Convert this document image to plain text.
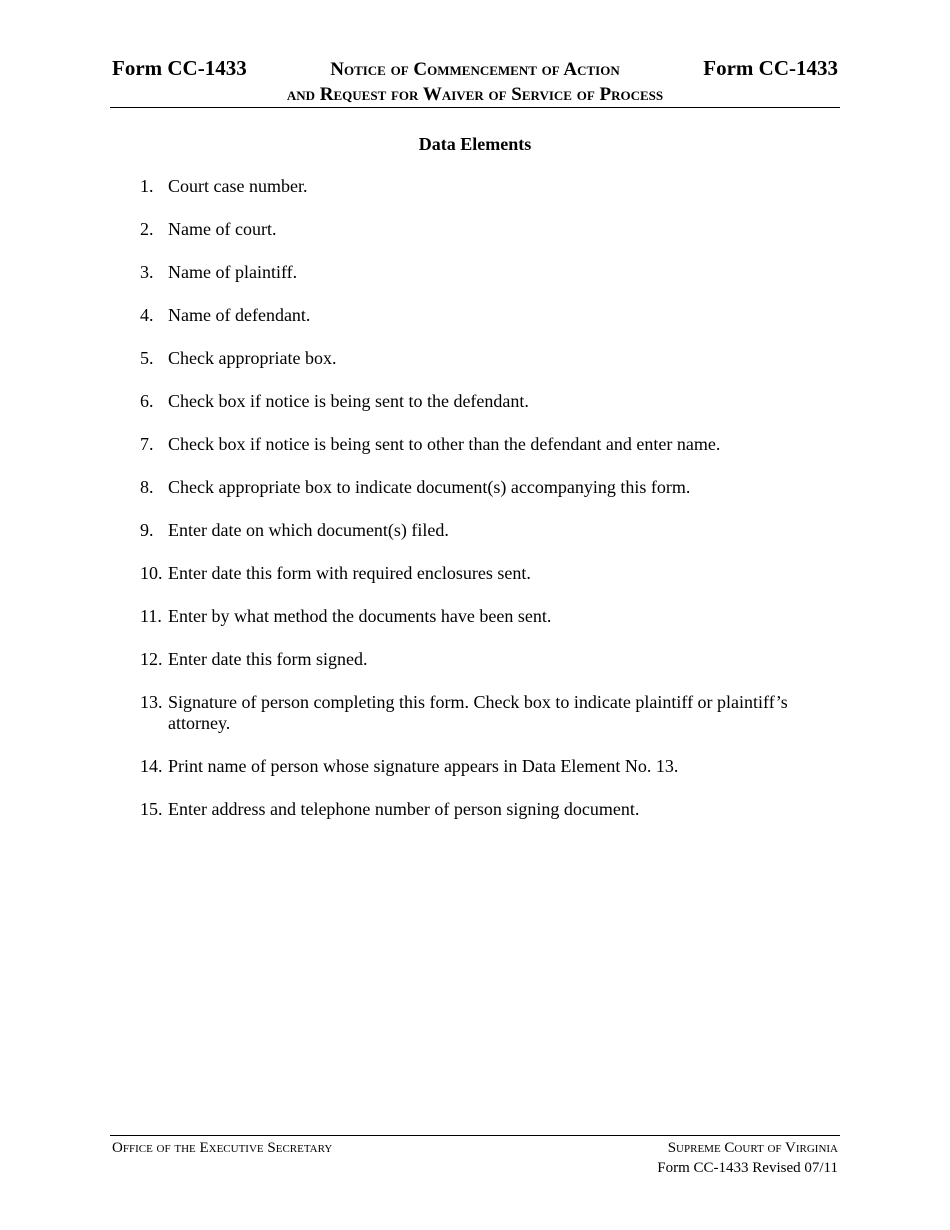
Form CC-1433	Notice of Commencement of Action	Form CC-1433
and Request for Waiver of Service of Process
Data Elements
1. Court case number.
2. Name of court.
3. Name of plaintiff.
4. Name of defendant.
5. Check appropriate box.
6. Check box if notice is being sent to the defendant.
7. Check box if notice is being sent to other than the defendant and enter name.
8. Check appropriate box to indicate document(s) accompanying this form.
9. Enter date on which document(s) filed.
10. Enter date this form with required enclosures sent.
11. Enter by what method the documents have been sent.
12. Enter date this form signed.
13. Signature of person completing this form. Check box to indicate plaintiff or plaintiff’s attorney.
14. Print name of person whose signature appears in Data Element No. 13.
15. Enter address and telephone number of person signing document.
Office of the Executive Secretary	Supreme Court of Virginia
Form CC-1433 Revised 07/11
